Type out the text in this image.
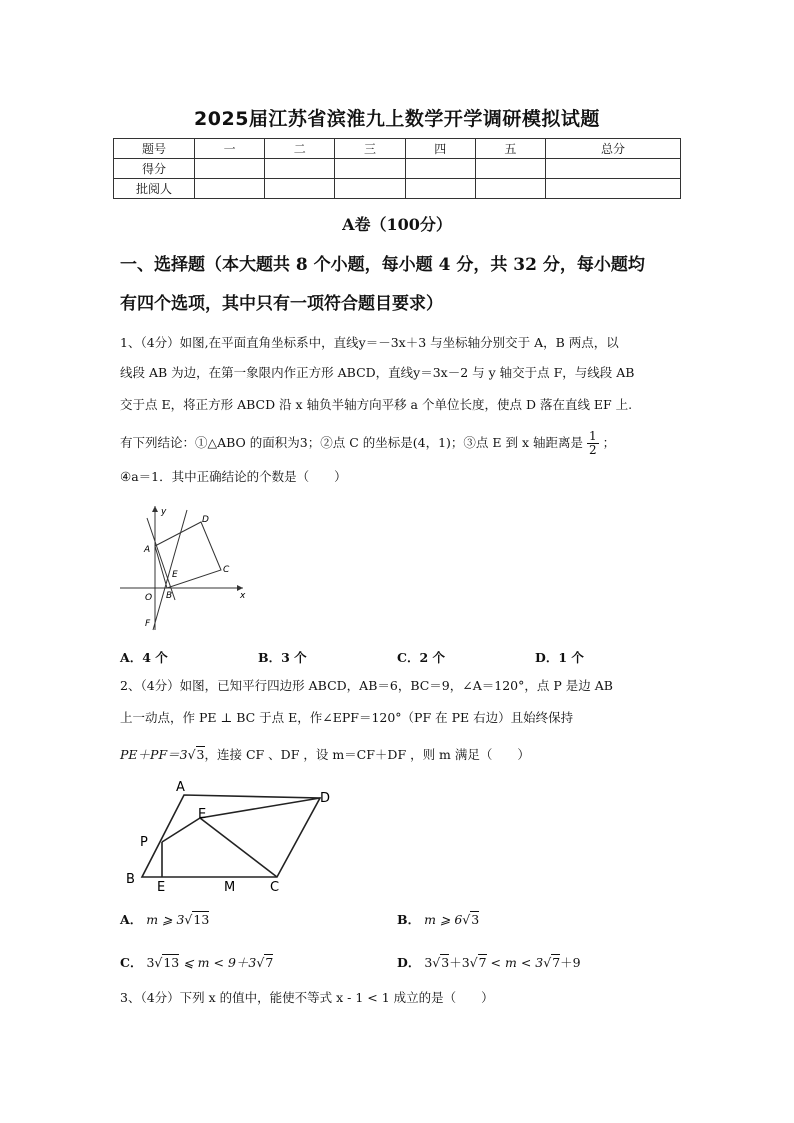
2025届江苏省滨淮九上数学开学调研模拟试题
题号	一	二	三	四	五	总分
得分						
批阅人						
A卷（100分）
一、选择题（本大题共 8 个小题，每小题 4 分，共 32 分，每小题均
有四个选项，其中只有一项符合题目要求）
1、（4分）如图,在平面直角坐标系中，直线y＝－3x＋3 与坐标轴分别交于 A，B 两点，以
线段 AB 为边，在第一象限内作正方形 ABCD，直线y＝3x－2 与 y 轴交于点 F，与线段 AB
交于点 E，将正方形 ABCD 沿 x 轴负半轴方向平移 a 个单位长度，使点 D 落在直线 EF 上.
有下列结论：①△ABO 的面积为3；②点 C 的坐标是(4，1)；③点 E 到 x 轴距离是 $\frac{1}{2}$ ；
④a＝1．其中正确结论的个数是（　　）
y
x
D
A
E	C
O B
F
A．4 个	B．3 个	C．2 个	D．1 个
2、（4分）如图，已知平行四边形 ABCD，AB＝6，BC＝9，∠A＝120°，点 P 是边 AB
上一动点，作 PE ⊥ BC 于点 E，作∠EPF＝120°（PF 在 PE 右边）且始终保持
PE＋PF＝3√3，连接 CF 、DF ，设 m＝CF＋DF ，则 m 满足（　　）
A
D
E
P
B
E	M	C
A． m ⩾ 3√13	B． m ⩾ 6√3
C． 3√13 ⩽ m < 9＋3√7	D． 3√3＋3√7 < m < 3√7＋9
3、（4分）下列 x 的值中，能使不等式 x - 1 < 1 成立的是（　　）
